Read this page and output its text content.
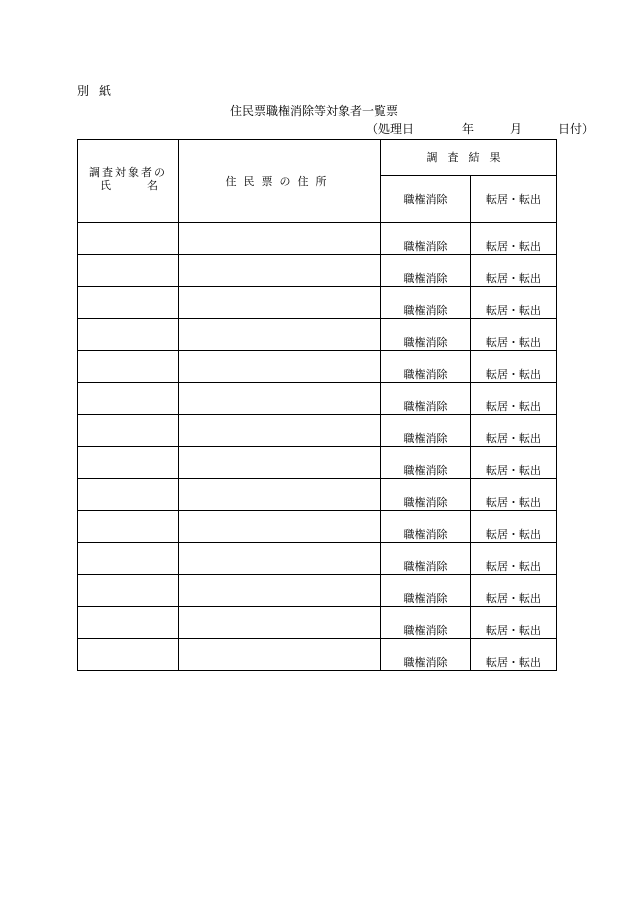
別紙
住民票職権消除等対象者一覧票
（処理日　　　　年　　　月　　　日付）
調査対象者の
氏 名	住民票の住所	調査結果	
		職権消除	転居・転出
		職権消除	転居・転出
		職権消除	転居・転出
		職権消除	転居・転出
		職権消除	転居・転出
		職権消除	転居・転出
		職権消除	転居・転出
		職権消除	転居・転出
		職権消除	転居・転出
		職権消除	転居・転出
		職権消除	転居・転出
		職権消除	転居・転出
		職権消除	転居・転出
		職権消除	転居・転出
		職権消除	転居・転出
